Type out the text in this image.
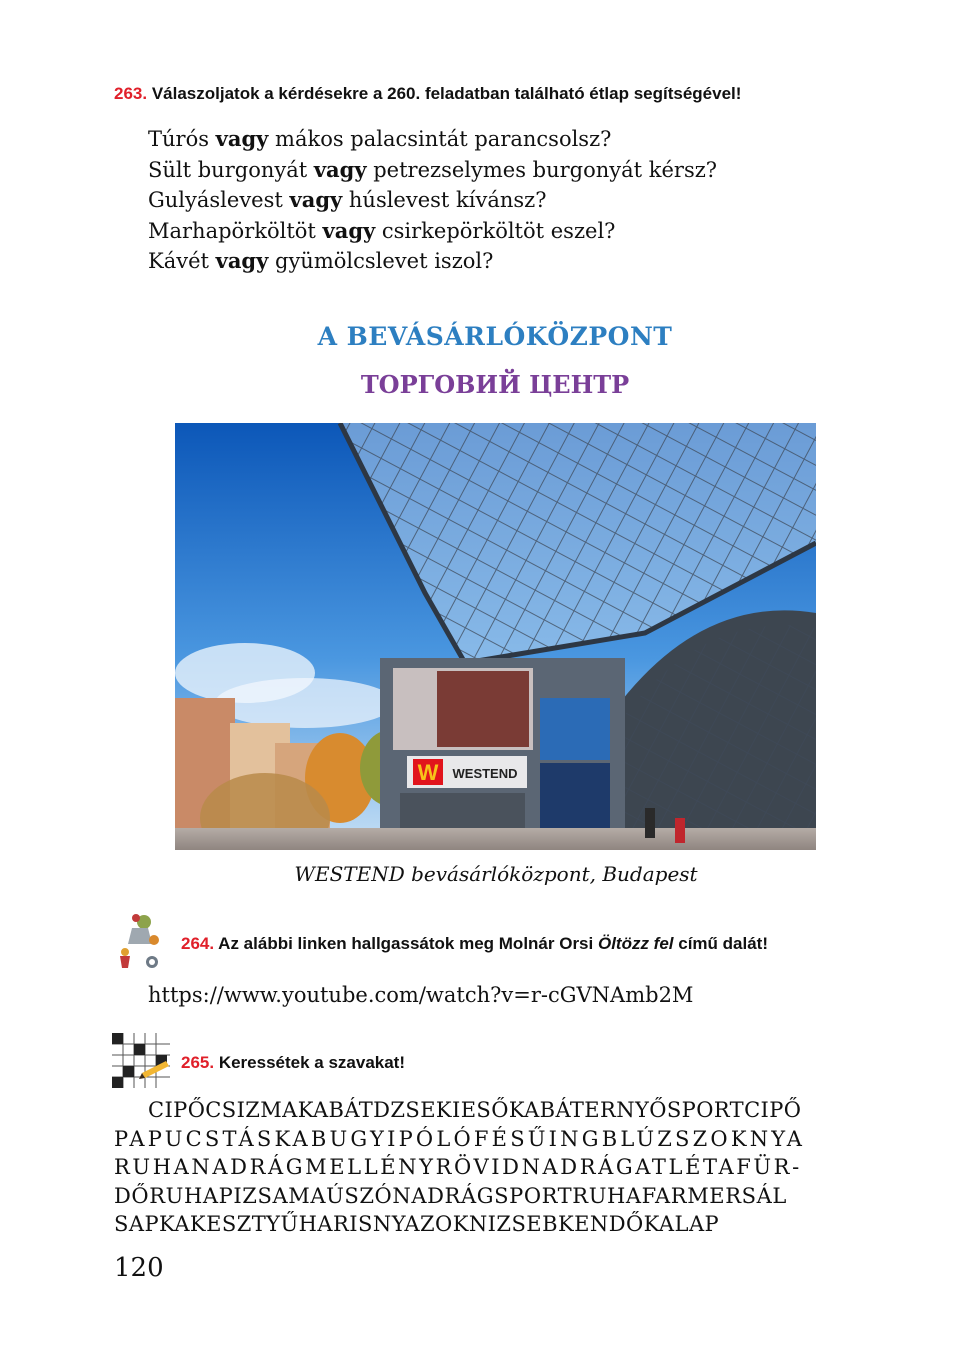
263. Válaszoljatok a kérdésekre a 260. feladatban található étlap segítségével!
Túrós vagy mákos palacsintát parancsolsz?
Sült burgonyát vagy petrezselymes burgonyát kérsz?
Gulyáslevest vagy húslevest kívánsz?
Marhapörköltöt vagy csirkepörköltöt eszel?
Kávét vagy gyümölcslevet iszol?
A BEVÁSÁRLÓKÖZPONT
ТОРГОВИЙ ЦЕНТР
W WESTEND
WESTEND bevásárlóközpont, Budapest
264. Az alábbi linken hallgassátok meg Molnár Orsi Öltözz fel című dalát!
https://www.youtube.com/watch?v=r-cGVNAmb2M
265. Keressétek a szavakat!
CIPŐCSIZMAKABÁTDZSEKIESŐKABÁTERNYŐSPORTCIPŐ
PAPUCSTÁSKABUGYIPÓLÓFÉSŰINGBLÚZSZOKNYA
RUHANADRÁGMELLÉNYRÖVIDNADRÁGATLÉTAFÜR-
DŐRUHAPIZSAMAÚSZÓNADRÁGSPORTRUHAFARMERSÁL
SAPKAKESZTYŰHARISNYAZOKNIZSEBKENDŐKALAP
120
